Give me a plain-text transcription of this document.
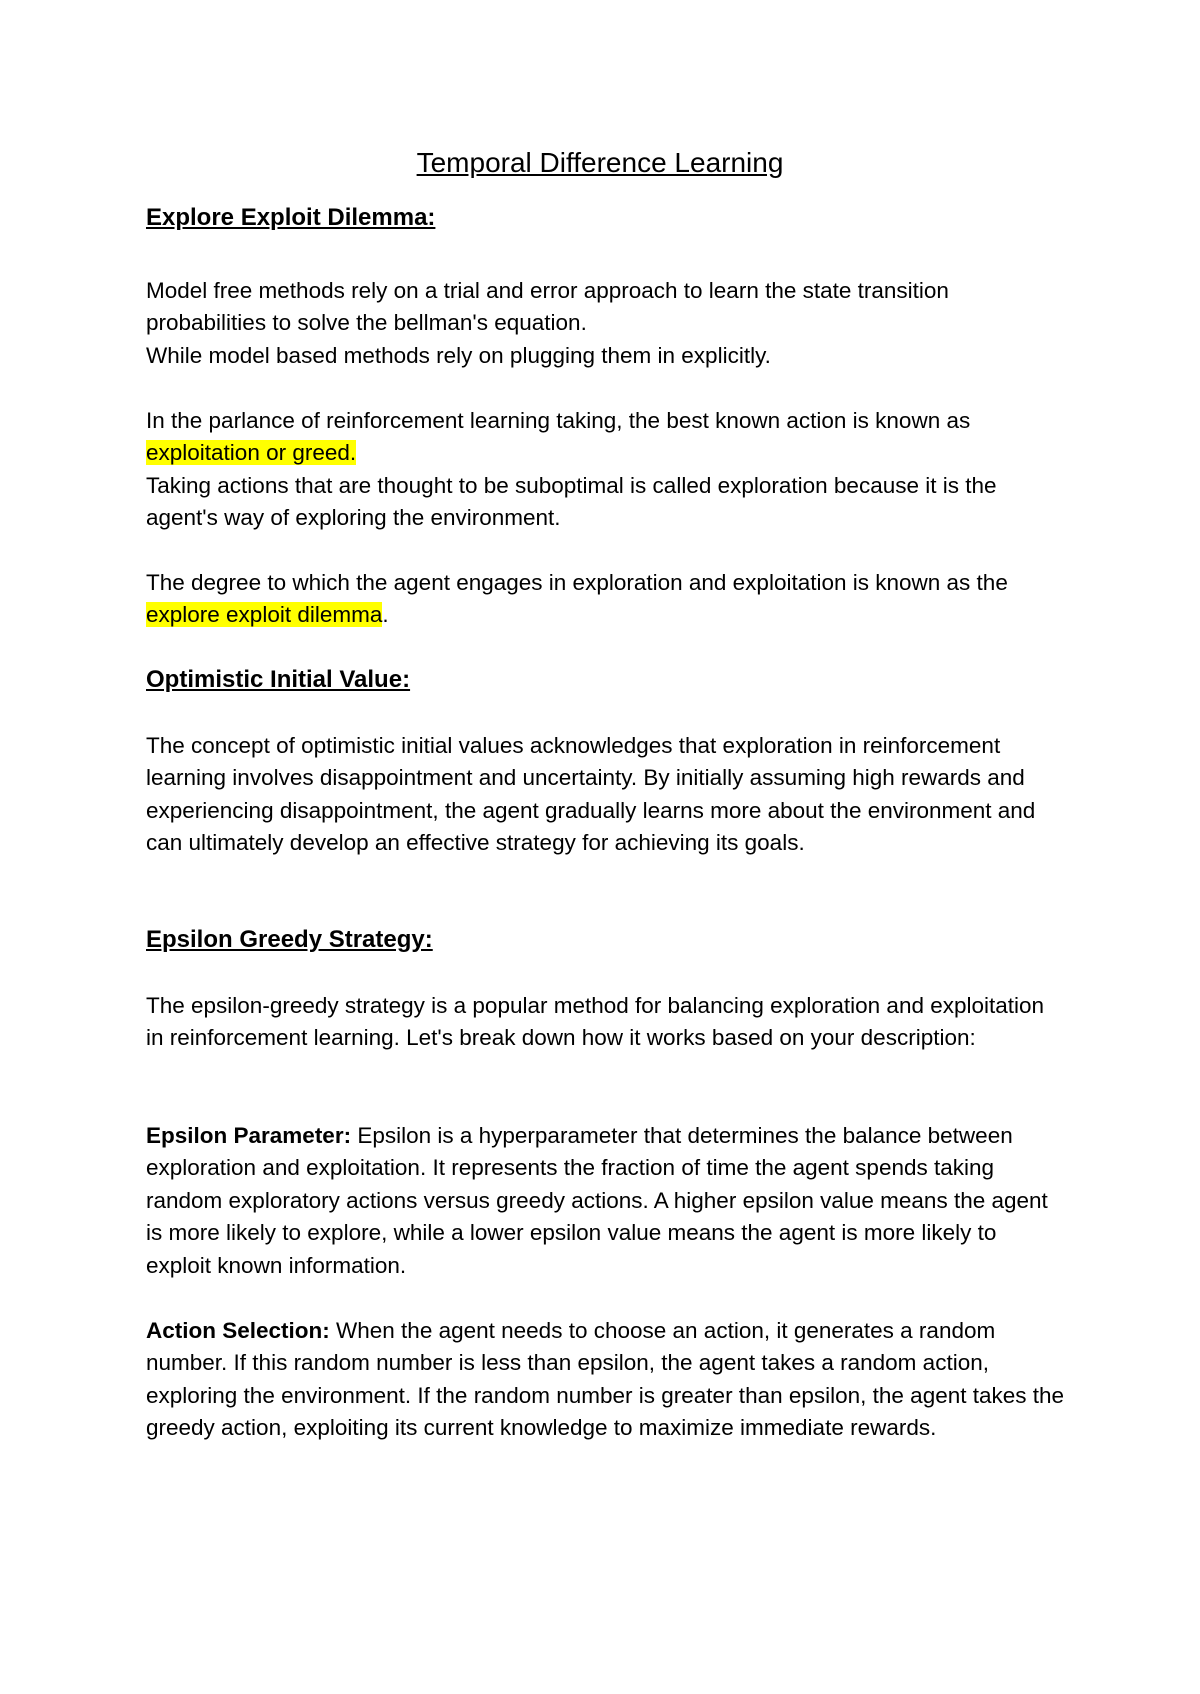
Temporal Difference Learning
Explore Exploit Dilemma:

Model free methods rely on a trial and error approach to learn the state transition probabilities to solve the bellman's equation.

While model based methods rely on plugging them in explicitly.

In the parlance of reinforcement learning taking, the best known action is known as exploitation or greed.

Taking actions that are thought to be suboptimal is called exploration because it is the agent's way of exploring the environment.

The degree to which the agent engages in exploration and exploitation is known as the explore exploit dilemma.

Optimistic Initial Value:

The concept of optimistic initial values acknowledges that exploration in reinforcement learning involves disappointment and uncertainty. By initially assuming high rewards and experiencing disappointment, the agent gradually learns more about the environment and can ultimately develop an effective strategy for achieving its goals.

Epsilon Greedy Strategy:

The epsilon-greedy strategy is a popular method for balancing exploration and exploitation in reinforcement learning. Let's break down how it works based on your description:

Epsilon Parameter: Epsilon is a hyperparameter that determines the balance between exploration and exploitation. It represents the fraction of time the agent spends taking random exploratory actions versus greedy actions. A higher epsilon value means the agent is more likely to explore, while a lower epsilon value means the agent is more likely to exploit known information.

Action Selection: When the agent needs to choose an action, it generates a random number. If this random number is less than epsilon, the agent takes a random action, exploring the environment. If the random number is greater than epsilon, the agent takes the greedy action, exploiting its current knowledge to maximize immediate rewards.
